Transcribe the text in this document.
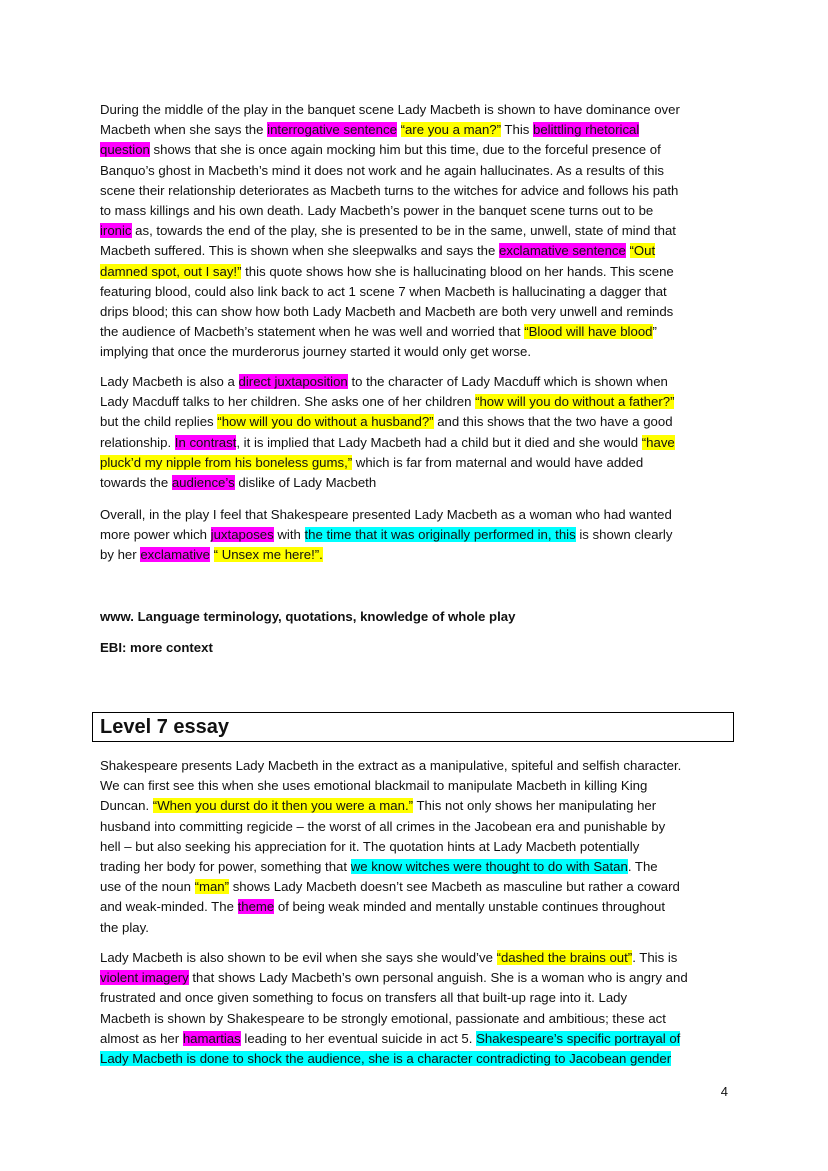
During the middle of the play in the banquet scene Lady Macbeth is shown to have dominance over
Macbeth when she says the interrogative sentence “are you a man?” This belittling rhetorical
question shows that she is once again mocking him but this time, due to the forceful presence of
Banquo’s ghost in Macbeth’s mind it does not work and he again hallucinates. As a results of this
scene their relationship deteriorates as Macbeth turns to the witches for advice and follows his path
to mass killings and his own death. Lady Macbeth’s power in the banquet scene turns out to be
ironic as, towards the end of the play, she is presented to be in the same, unwell, state of mind that
Macbeth suffered. This is shown when she sleepwalks and says the exclamative sentence “Out
damned spot, out I say!” this quote shows how she is hallucinating blood on her hands. This scene
featuring blood, could also link back to act 1 scene 7 when Macbeth is hallucinating a dagger that
drips blood; this can show how both Lady Macbeth and Macbeth are both very unwell and reminds
the audience of Macbeth’s statement when he was well and worried that “Blood will have blood”
implying that once the murderorus journey started it would only get worse.
Lady Macbeth is also a direct juxtaposition to the character of Lady Macduff which is shown when
Lady Macduff talks to her children. She asks one of her children “how will you do without a father?”
but the child replies “how will you do without a husband?” and this shows that the two have a good
relationship. In contrast, it is implied that Lady Macbeth had a child but it died and she would “have
pluck’d my nipple from his boneless gums,” which is far from maternal and would have added
towards the audience’s dislike of Lady Macbeth
Overall, in the play I feel that Shakespeare presented Lady Macbeth as a woman who had wanted
more power which juxtaposes with the time that it was originally performed in, this is shown clearly
by her exclamative “ Unsex me here!”.
www. Language terminology, quotations, knowledge of whole play
EBI: more context
Level 7 essay
Shakespeare presents Lady Macbeth in the extract as a manipulative, spiteful and selfish character.
We can first see this when she uses emotional blackmail to manipulate Macbeth in killing King
Duncan. “When you durst do it then you were a man.” This not only shows her manipulating her
husband into committing regicide – the worst of all crimes in the Jacobean era and punishable by
hell – but also seeking his appreciation for it. The quotation hints at Lady Macbeth potentially
trading her body for power, something that we know witches were thought to do with Satan. The
use of the noun “man” shows Lady Macbeth doesn’t see Macbeth as masculine but rather a coward
and weak-minded. The theme of being weak minded and mentally unstable continues throughout
the play.
Lady Macbeth is also shown to be evil when she says she would’ve “dashed the brains out”. This is
violent imagery that shows Lady Macbeth’s own personal anguish. She is a woman who is angry and
frustrated and once given something to focus on transfers all that built-up rage into it. Lady
Macbeth is shown by Shakespeare to be strongly emotional, passionate and ambitious; these act
almost as her hamartias leading to her eventual suicide in act 5. Shakespeare’s specific portrayal of
Lady Macbeth is done to shock the audience, she is a character contradicting to Jacobean gender
4
